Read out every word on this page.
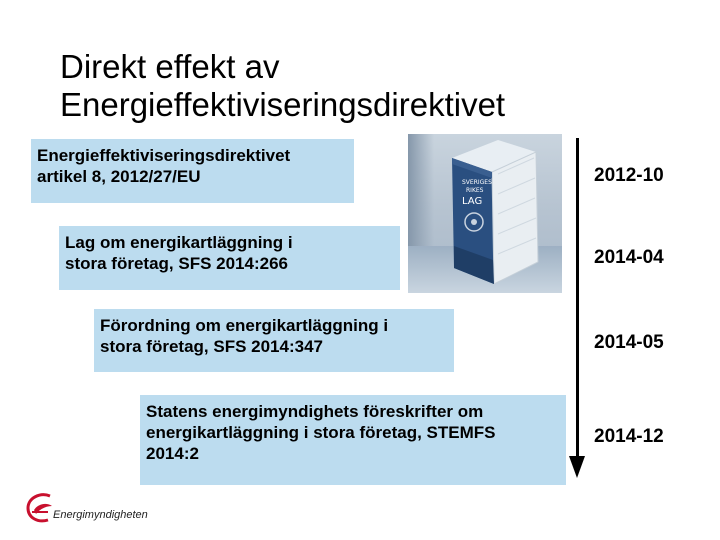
Direkt effekt av
Energieffektiviseringsdirektivet
Energieffektiviseringsdirektivet
artikel 8, 2012/27/EU
Lag om energikartläggning i
stora företag, SFS 2014:266
Förordning om energikartläggning i
stora företag, SFS 2014:347
Statens energimyndighets föreskrifter om
energikartläggning i stora företag, STEMFS
2014:2
SVERIGES
RIKES
LAG
2012-10
2014-04
2014-05
2014-12
Energimyndigheten
